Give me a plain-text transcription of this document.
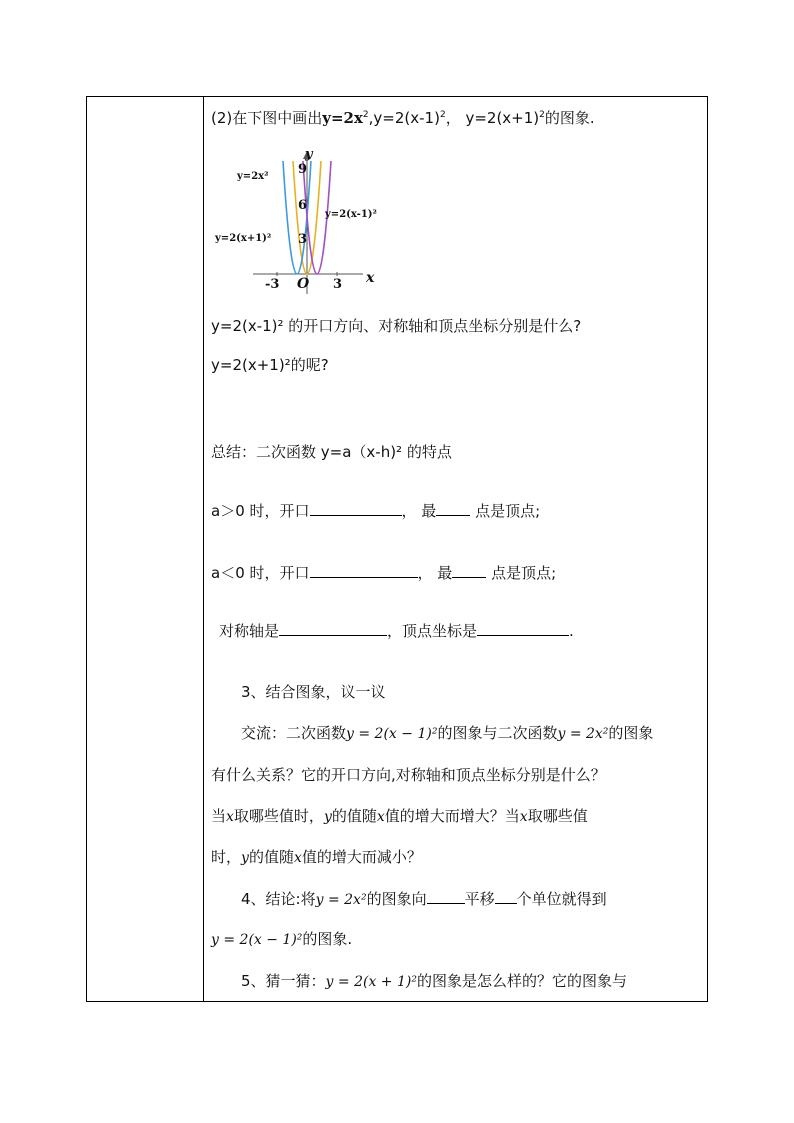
(2)在下图中画出$y=2x^2,y=2(x-1)^2$， $y=2(x+1)^2$的图象.
y
x
O
9
6
3
-3	3
y=2x²
y=2(x+1)²
y=2(x-1)²
y=2(x-1)² 的开口方向、对称轴和顶点坐标分别是什么?
y=2(x+1)²的呢?
总结：二次函数 y=a（x-h)² 的特点
a＞0 时，开口	， 最 点是顶点;
a＜0 时，开口	， 最 点是顶点;
对称轴是	，顶点坐标是	.
3、结合图象，议一议
交流：二次函数y = 2(x − 1)²的图象与二次函数y = 2x²的图象
有什么关系？它的开口方向,对称轴和顶点坐标分别是什么？
当x取哪些值时，y的值随x值的增大而增大？当x取哪些值
时，y的值随x值的增大而减小？
4、结论:将y = 2x²的图象向	平移 个单位就得到
y = 2(x − 1)²的图象.
5、猜一猜：y = 2(x + 1)²的图象是怎么样的？它的图象与
